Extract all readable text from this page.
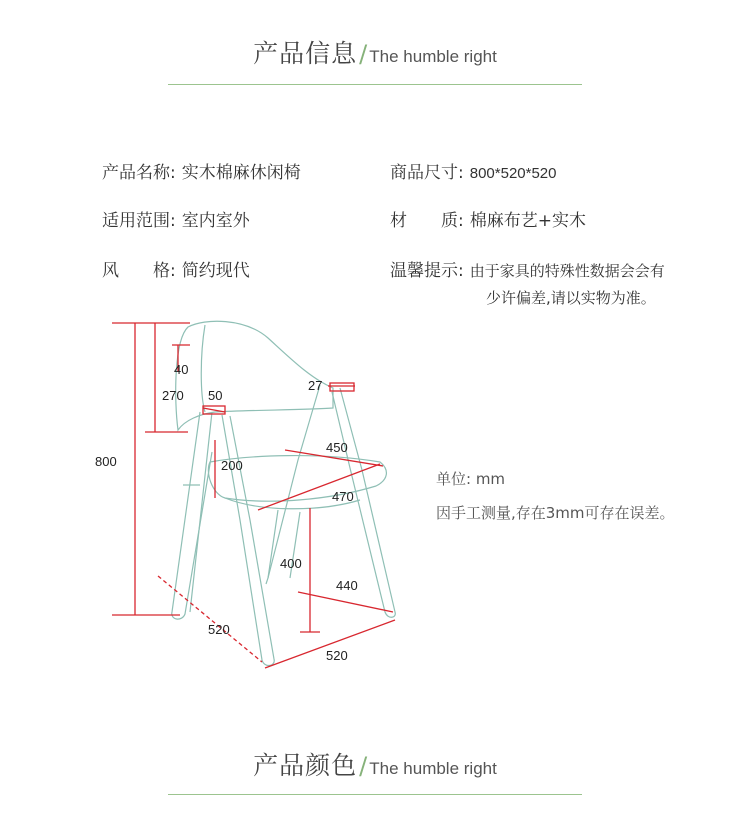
产品信息/ The humble right
产品名称: 实木棉麻休闲椅	商品尺寸: 800*520*520
适用范围: 室内室外	材　　质: 棉麻布艺+实木
风　　格: 简约现代	温馨提示: 由于家具的特殊性数据会会有
少许偏差,请以实物为准。
800
270
40
50
27
200
450
470
400
440
520
520
单位: mm
因手工测量,存在3mm可存在误差。
产品颜色/ The humble right
